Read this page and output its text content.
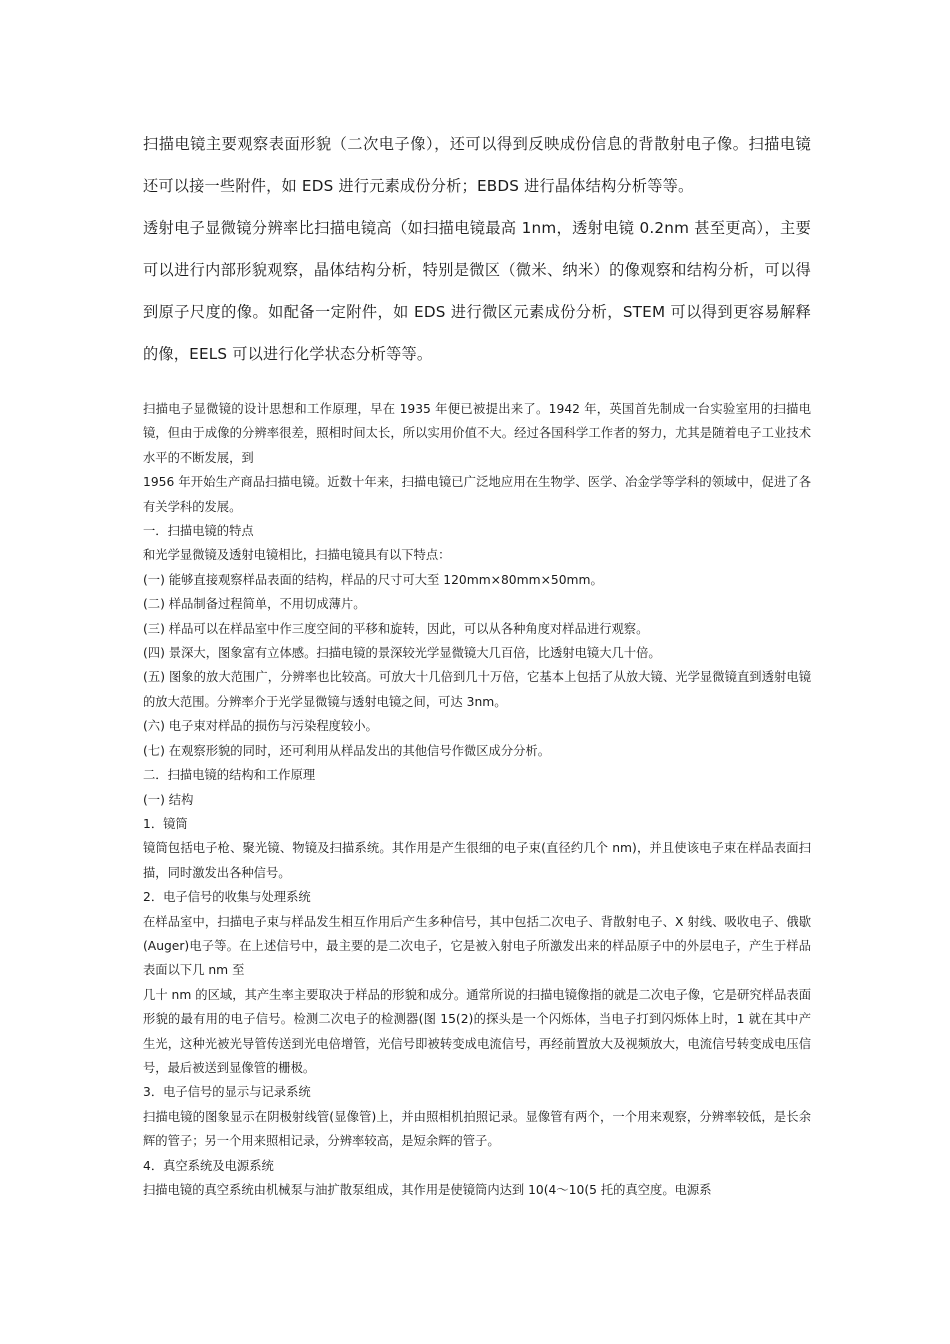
扫描电镜主要观察表面形貌（二次电子像），还可以得到反映成份信息的背散射电子像。扫描电镜还可以接一些附件，如 EDS 进行元素成份分析；EBDS 进行晶体结构分析等等。

透射电子显微镜分辨率比扫描电镜高（如扫描电镜最高 1nm，透射电镜 0.2nm 甚至更高），主要可以进行内部形貌观察，晶体结构分析，特别是微区（微米、纳米）的像观察和结构分析，可以得到原子尺度的像。如配备一定附件，如 EDS 进行微区元素成份分析，STEM 可以得到更容易解释的像，EELS 可以进行化学状态分析等等。

扫描电子显微镜的设计思想和工作原理，早在 1935 年便已被提出来了。1942 年，英国首先制成一台实验室用的扫描电镜，但由于成像的分辨率很差，照相时间太长，所以实用价值不大。经过各国科学工作者的努力，尤其是随着电子工业技术水平的不断发展，到

1956 年开始生产商品扫描电镜。近数十年来，扫描电镜已广泛地应用在生物学、医学、冶金学等学科的领域中，促进了各有关学科的发展。

一．扫描电镜的特点

和光学显微镜及透射电镜相比，扫描电镜具有以下特点：

(一) 能够直接观察样品表面的结构，样品的尺寸可大至 120mm×80mm×50mm。

(二) 样品制备过程简单，不用切成薄片。

(三) 样品可以在样品室中作三度空间的平移和旋转，因此，可以从各种角度对样品进行观察。

(四) 景深大，图象富有立体感。扫描电镜的景深较光学显微镜大几百倍，比透射电镜大几十倍。

(五) 图象的放大范围广，分辨率也比较高。可放大十几倍到几十万倍，它基本上包括了从放大镜、光学显微镜直到透射电镜的放大范围。分辨率介于光学显微镜与透射电镜之间，可达 3nm。

(六) 电子束对样品的损伤与污染程度较小。

(七) 在观察形貌的同时，还可利用从样品发出的其他信号作微区成分分析。

二．扫描电镜的结构和工作原理

(一) 结构

1．镜筒

镜筒包括电子枪、聚光镜、物镜及扫描系统。其作用是产生很细的电子束(直径约几个 nm)，并且使该电子束在样品表面扫描，同时激发出各种信号。

2．电子信号的收集与处理系统

在样品室中，扫描电子束与样品发生相互作用后产生多种信号，其中包括二次电子、背散射电子、X 射线、吸收电子、俄歇(Auger)电子等。在上述信号中，最主要的是二次电子，它是被入射电子所激发出来的样品原子中的外层电子，产生于样品表面以下几 nm 至

几十 nm 的区域，其产生率主要取决于样品的形貌和成分。通常所说的扫描电镜像指的就是二次电子像，它是研究样品表面形貌的最有用的电子信号。检测二次电子的检测器(图 15(2)的探头是一个闪烁体，当电子打到闪烁体上时，1 就在其中产生光，这种光被光导管传送到光电倍增管，光信号即被转变成电流信号，再经前置放大及视频放大，电流信号转变成电压信号，最后被送到显像管的栅极。

3．电子信号的显示与记录系统

扫描电镜的图象显示在阴极射线管(显像管)上，并由照相机拍照记录。显像管有两个，一个用来观察，分辨率较低，是长余辉的管子；另一个用来照相记录，分辨率较高，是短余辉的管子。

4．真空系统及电源系统

扫描电镜的真空系统由机械泵与油扩散泵组成，其作用是使镜筒内达到 10(4～10(5 托的真空度。电源系
